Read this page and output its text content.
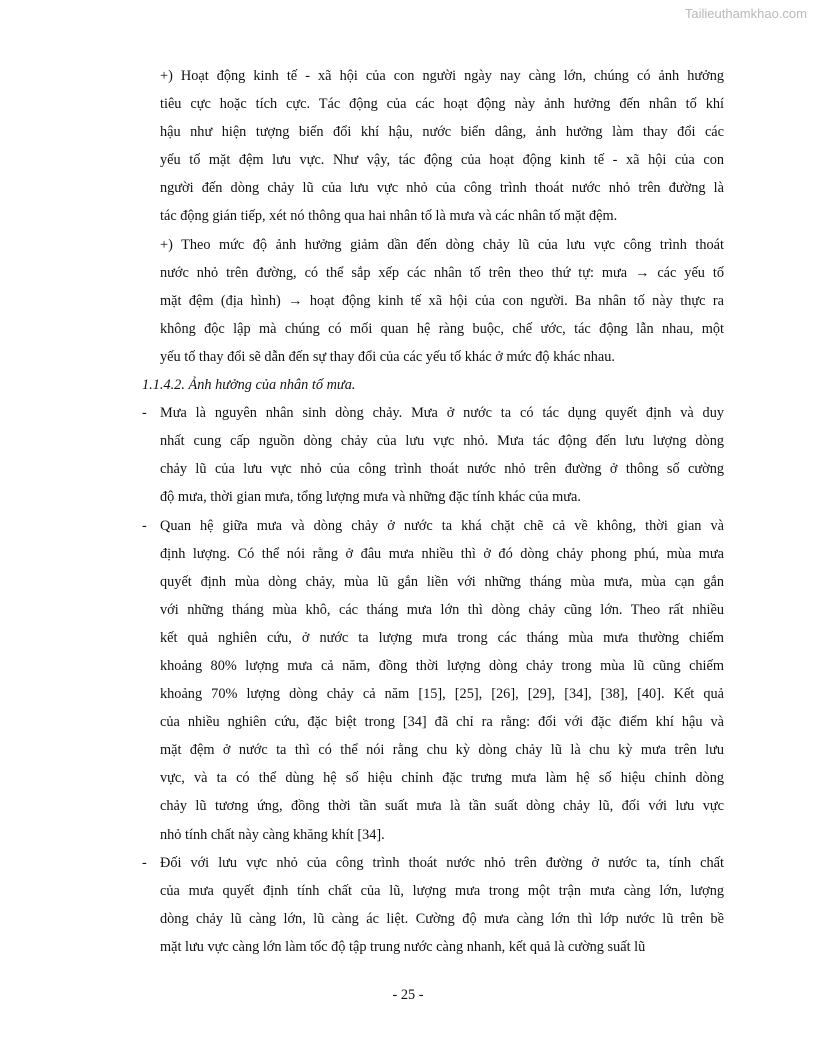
Tailieuthamkhao.com
+) Hoạt động kinh tế - xã hội của con người ngày nay càng lớn, chúng có ảnh hưởng
tiêu cực hoặc tích cực. Tác động của các hoạt động này ảnh hưởng đến nhân tố khí
hậu như hiện tượng biến đổi khí hậu, nước biển dâng, ảnh hưởng làm thay đổi các
yếu tố mặt đệm lưu vực. Như vậy, tác động của hoạt động kinh tế - xã hội của con
người đến dòng chảy lũ của lưu vực nhỏ của công trình thoát nước nhỏ trên đường là
tác động gián tiếp, xét nó thông qua hai nhân tố là mưa và các nhân tố mặt đệm.
+) Theo mức độ ảnh hưởng giảm dần đến dòng chảy lũ của lưu vực công trình thoát
nước nhỏ trên đường, có thể sắp xếp các nhân tố trên theo thứ tự: mưa → các yếu tố
mặt đệm (địa hình) → hoạt động kinh tế xã hội của con người. Ba nhân tố này thực ra
không độc lập mà chúng có mối quan hệ ràng buộc, chế ước, tác động lẫn nhau, một
yếu tố thay đổi sẽ dẫn đến sự thay đổi của các yếu tố khác ở mức độ khác nhau.
1.1.4.2. Ảnh hưởng của nhân tố mưa.
- Mưa là nguyên nhân sinh dòng chảy. Mưa ở nước ta có tác dụng quyết định và duy
nhất cung cấp nguồn dòng chảy của lưu vực nhỏ. Mưa tác động đến lưu lượng dòng
chảy lũ của lưu vực nhỏ của công trình thoát nước nhỏ trên đường ở thông số cường
độ mưa, thời gian mưa, tổng lượng mưa và những đặc tính khác của mưa.
- Quan hệ giữa mưa và dòng chảy ở nước ta khá chặt chẽ cả về không, thời gian và
định lượng. Có thể nói rằng ở đâu mưa nhiều thì ở đó dòng chảy phong phú, mùa mưa
quyết định mùa dòng chảy, mùa lũ gắn liền với những tháng mùa mưa, mùa cạn gắn
với những tháng mùa khô, các tháng mưa lớn thì dòng chảy cũng lớn. Theo rất nhiều
kết quả nghiên cứu, ở nước ta lượng mưa trong các tháng mùa mưa thường chiếm
khoảng 80% lượng mưa cả năm, đồng thời lượng dòng chảy trong mùa lũ cũng chiếm
khoảng 70% lượng dòng chảy cả năm [15], [25], [26], [29], [34], [38], [40]. Kết quả
của nhiều nghiên cứu, đặc biệt trong [34] đã chỉ ra rằng: đối với đặc điểm khí hậu và
mặt đệm ở nước ta thì có thể nói rằng chu kỳ dòng chảy lũ là chu kỳ mưa trên lưu
vực, và ta có thể dùng hệ số hiệu chỉnh đặc trưng mưa làm hệ số hiệu chỉnh dòng
chảy lũ tương ứng, đồng thời tần suất mưa là tần suất dòng chảy lũ, đối với lưu vực
nhỏ tính chất này càng khăng khít [34].
- Đối với lưu vực nhỏ của công trình thoát nước nhỏ trên đường ở nước ta, tính chất
của mưa quyết định tính chất của lũ, lượng mưa trong một trận mưa càng lớn, lượng
dòng chảy lũ càng lớn, lũ càng ác liệt. Cường độ mưa càng lớn thì lớp nước lũ trên bề
mặt lưu vực càng lớn làm tốc độ tập trung nước càng nhanh, kết quả là cường suất lũ
- 25 -
